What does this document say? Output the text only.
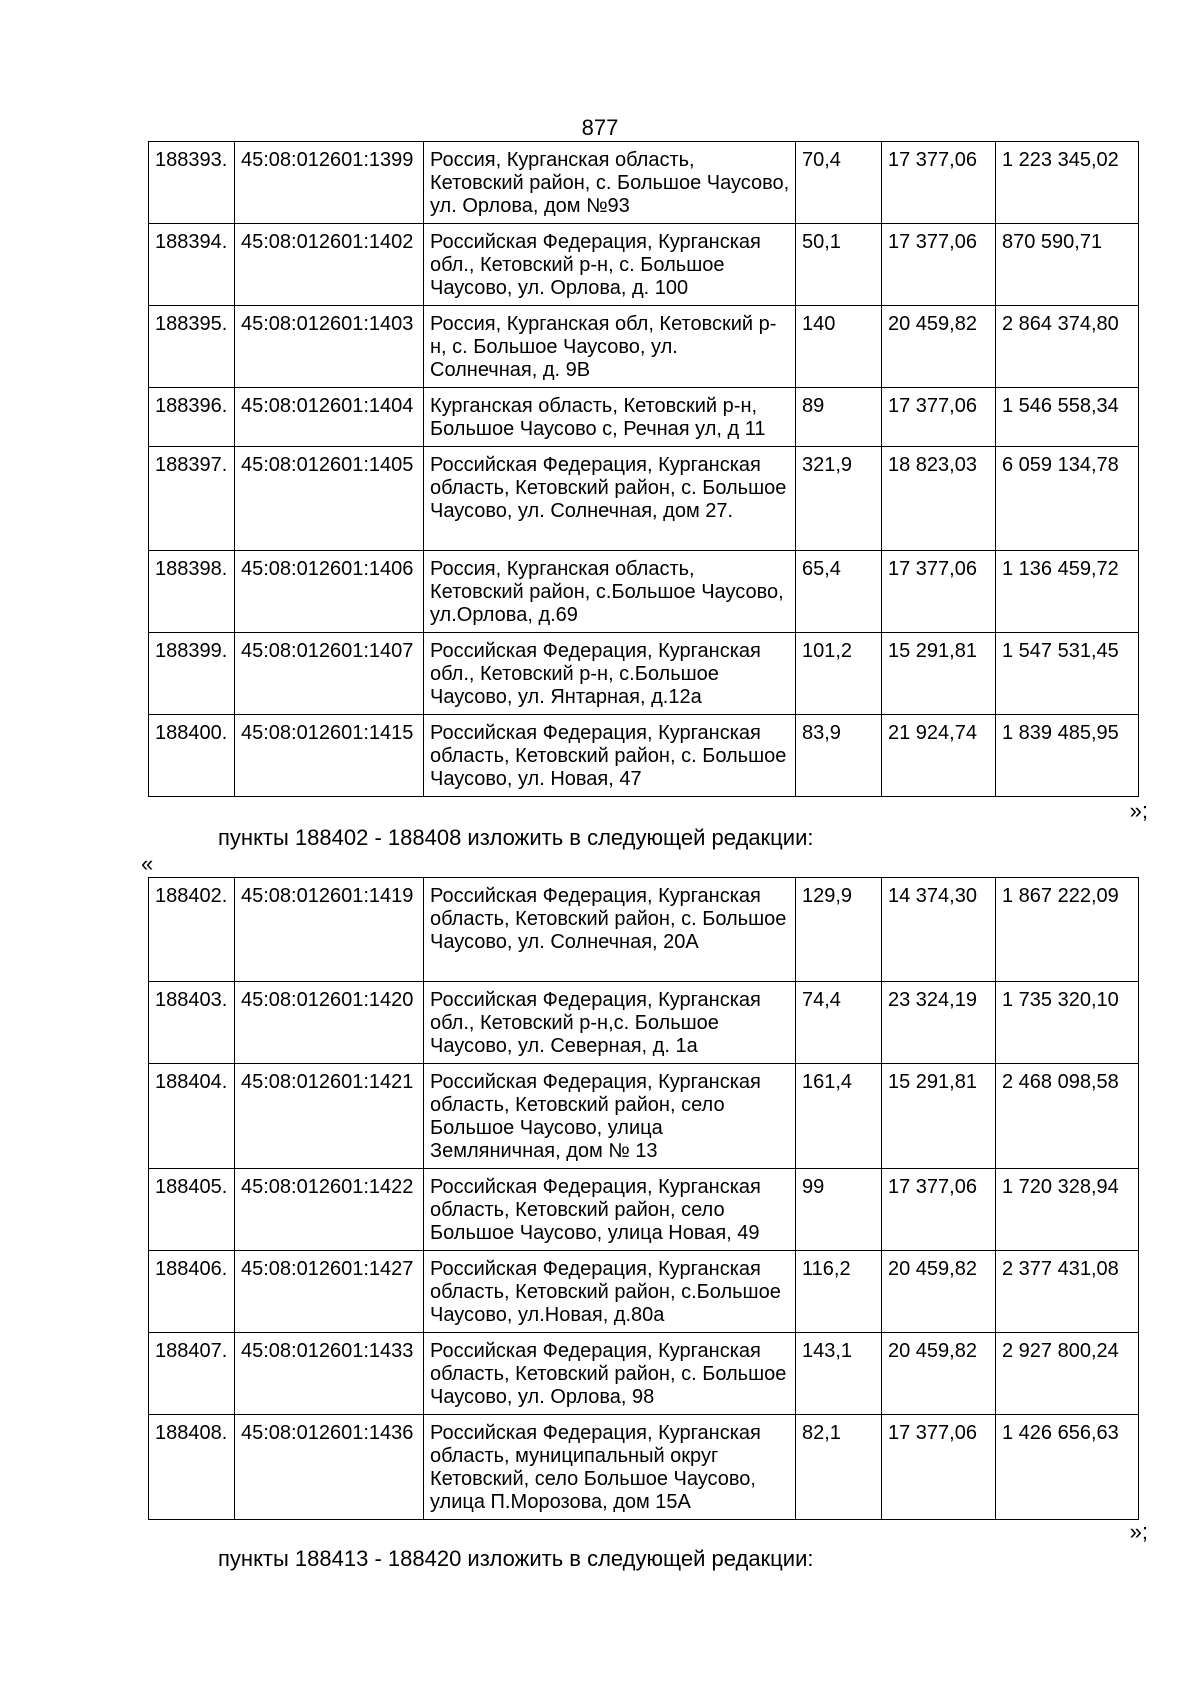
877
188393.	45:08:012601:1399	Россия, Курганская область, Кетовский район, с. Большое Чаусово, ул. Орлова, дом №93	70,4	17 377,06	1 223 345,02
188394.	45:08:012601:1402	Российская Федерация, Курганская обл., Кетовский р-н, с. Большое Чаусово, ул. Орлова, д. 100	50,1	17 377,06	870 590,71
188395.	45:08:012601:1403	Россия, Курганская обл, Кетовский р-н, с. Большое Чаусово, ул. Солнечная, д. 9В	140	20 459,82	2 864 374,80
188396.	45:08:012601:1404	Курганская область, Кетовский р-н, Большое Чаусово с, Речная ул, д 11	89	17 377,06	1 546 558,34
188397.	45:08:012601:1405	Российская Федерация, Курганская область, Кетовский район, с. Большое Чаусово, ул. Солнечная, дом 27.	321,9	18 823,03	6 059 134,78
188398.	45:08:012601:1406	Россия, Курганская область, Кетовский район, с.Большое Чаусово, ул.Орлова, д.69	65,4	17 377,06	1 136 459,72
188399.	45:08:012601:1407	Российская Федерация, Курганская обл., Кетовский р-н, с.Большое Чаусово, ул. Янтарная, д.12а	101,2	15 291,81	1 547 531,45
188400.	45:08:012601:1415	Российская Федерация, Курганская область, Кетовский район, с. Большое Чаусово, ул. Новая, 47	83,9	21 924,74	1 839 485,95
»;
пункты 188402 - 188408 изложить в следующей редакции:
«
188402.	45:08:012601:1419	Российская Федерация, Курганская область, Кетовский район, с. Большое Чаусово, ул. Солнечная, 20А	129,9	14 374,30	1 867 222,09
188403.	45:08:012601:1420	Российская Федерация, Курганская обл., Кетовский р-н,с. Большое Чаусово, ул. Северная, д. 1а	74,4	23 324,19	1 735 320,10
188404.	45:08:012601:1421	Российская Федерация, Курганская область, Кетовский район, село Большое Чаусово, улица Земляничная, дом № 13	161,4	15 291,81	2 468 098,58
188405.	45:08:012601:1422	Российская Федерация, Курганская область, Кетовский район, село Большое Чаусово, улица Новая, 49	99	17 377,06	1 720 328,94
188406.	45:08:012601:1427	Российская Федерация, Курганская область, Кетовский район, с.Большое Чаусово, ул.Новая, д.80а	116,2	20 459,82	2 377 431,08
188407.	45:08:012601:1433	Российская Федерация, Курганская область, Кетовский район, с. Большое Чаусово, ул. Орлова, 98	143,1	20 459,82	2 927 800,24
188408.	45:08:012601:1436	Российская Федерация, Курганская область, муниципальный округ Кетовский, село Большое Чаусово, улица П.Морозова, дом 15А	82,1	17 377,06	1 426 656,63
»;
пункты 188413 - 188420 изложить в следующей редакции:
